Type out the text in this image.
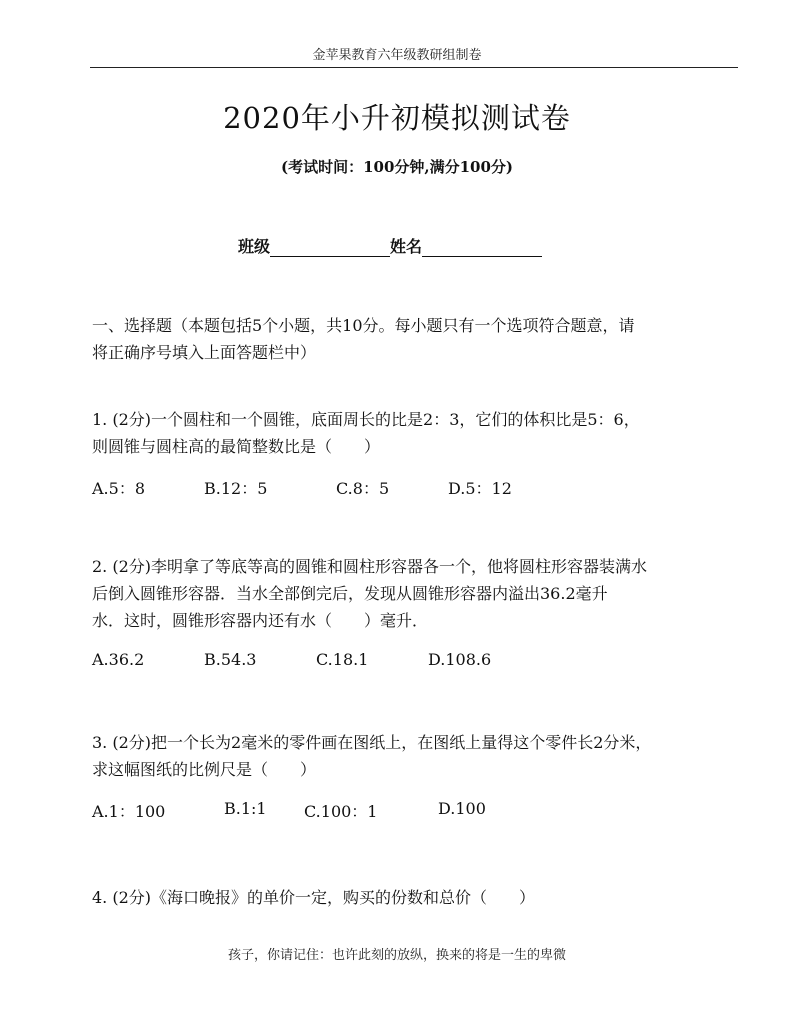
金苹果教育六年级教研组制卷
2020年小升初模拟测试卷
(考试时间：100分钟,满分100分)
班级	姓名
一、选择题（本题包括5个小题，共10分。每小题只有一个选项符合题意，请
将正确序号填入上面答题栏中）
1. (2分)一个圆柱和一个圆锥，底面周长的比是2：3，它们的体积比是5：6，
则圆锥与圆柱高的最简整数比是（　　）
A.5：8	B.12：5	C.8：5	D.5：12
2. (2分)李明拿了等底等高的圆锥和圆柱形容器各一个，他将圆柱形容器装满水
后倒入圆锥形容器．当水全部倒完后，发现从圆锥形容器内溢出36.2毫升
水．这时，圆锥形容器内还有水（　　）毫升．
A.36.2	B.54.3	C.18.1	D.108.6
3. (2分)把一个长为2毫米的零件画在图纸上，在图纸上量得这个零件长2分米，
求这幅图纸的比例尺是（　　）
A.1：100	B.1:1 C.100：1	D.100
4. (2分)《海口晚报》的单价一定，购买的份数和总价（　　）
孩子，你请记住：也许此刻的放纵，换来的将是一生的卑微
